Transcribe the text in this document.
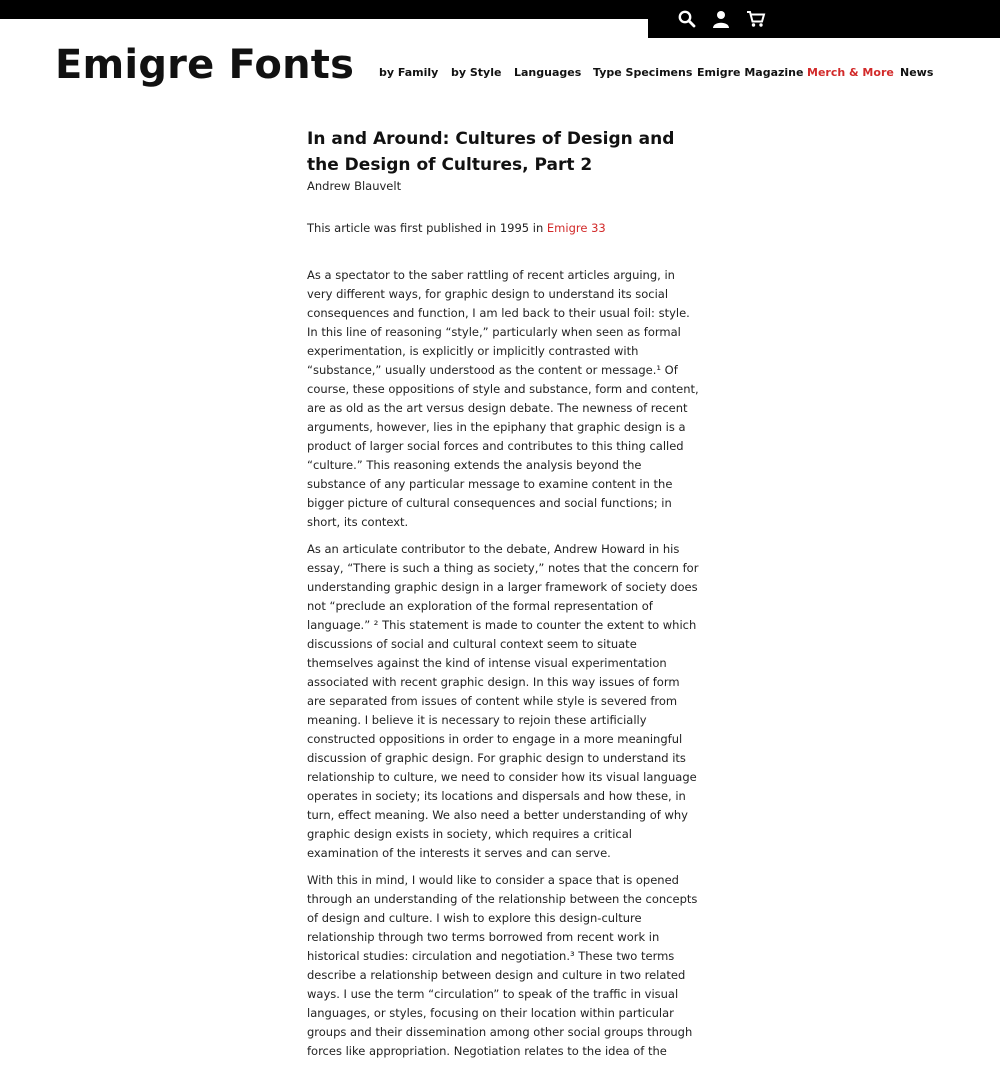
Emigre Fonts by Family by Style Languages Type Specimens Emigre Magazine Merch & More News
In and Around: Cultures of Design and the Design of Cultures, Part 2

Andrew Blauvelt

This article was first published in 1995 in Emigre 33

As a spectator to the saber rattling of recent articles arguing, in very different ways, for graphic design to understand its social consequences and function, I am led back to their usual foil: style. In this line of reasoning “style,” particularly when seen as formal experimentation, is explicitly or implicitly contrasted with “substance,” usually understood as the content or message.¹ Of course, these oppositions of style and substance, form and content, are as old as the art versus design debate. The newness of recent arguments, however, lies in the epiphany that graphic design is a product of larger social forces and contributes to this thing called “culture.” This reasoning extends the analysis beyond the substance of any particular message to examine content in the bigger picture of cultural consequences and social functions; in short, its context.

As an articulate contributor to the debate, Andrew Howard in his essay, “There is such a thing as society,” notes that the concern for understanding graphic design in a larger framework of society does not “preclude an exploration of the formal representation of language.” ² This statement is made to counter the extent to which discussions of social and cultural context seem to situate themselves against the kind of intense visual experimentation associated with recent graphic design. In this way issues of form are separated from issues of content while style is severed from meaning. I believe it is necessary to rejoin these artificially constructed oppositions in order to engage in a more meaningful discussion of graphic design. For graphic design to understand its relationship to culture, we need to consider how its visual language operates in society; its locations and dispersals and how these, in turn, effect meaning. We also need a better understanding of why graphic design exists in society, which requires a critical examination of the interests it serves and can serve.

With this in mind, I would like to consider a space that is opened through an understanding of the relationship between the concepts of design and culture. I wish to explore this design-culture relationship through two terms borrowed from recent work in historical studies: circulation and negotiation.³ These two terms describe a relationship between design and culture in two related ways. I use the term “circulation” to speak of the traffic in visual languages, or styles, focusing on their location within particular groups and their dissemination among other social groups through forces like appropriation. Negotiation relates to the idea of the
